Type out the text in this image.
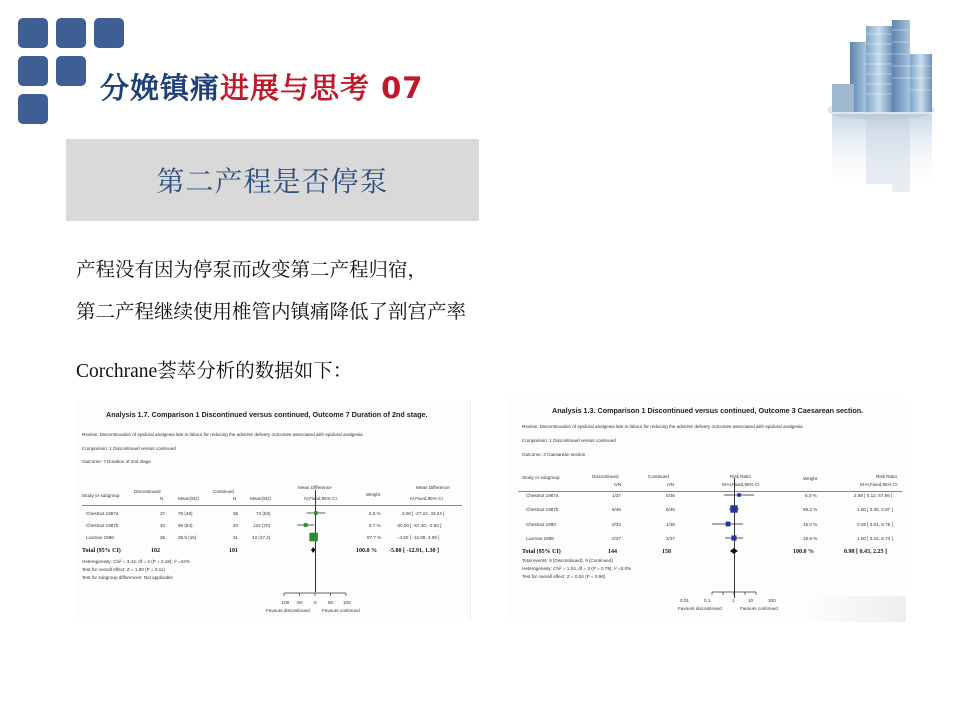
分娩镇痛进展与思考 07
第二产程是否停泵
产程没有因为停泵而改变第二产程归宿，
第二产程继续使用椎管内镇痛降低了剖宫产率
Corchrane荟萃分析的数据如下：
Analysis 1.7. Comparison 1 Discontinued versus continued, Outcome 7 Duration of 2nd stage.
Review: Discontinuation of epidural analgesia late in labour for reducing the adverse delivery outcomes associated with epidural analgesia
Comparison: 1 Discontinued versus continued
Outcome: 7 Duration of 2nd stage
Discontinued	Continued
Mean Difference	Mean Difference
Study or subgroup
N	Mean(SD)	N	Mean(SD)	IV,Fixed,95% CI
Weight
IV,Fixed,95% CI
Chestnut 1987a	37	76 (48)	36	73 (63)	5.5 %	3.00 [ -27.24, 33.24 ]
Chestnut 1987b	40	99 (54)	40	124 (70)	6.7 %	-30.00 [ -57.40, -2.60 ]
Luxman 1996	35	38.5 (15)	31	43 (17.2)	87.7 %	-4.50 [ -12.09, 3.09 ]
Total (95% CI)	102	101	100.0 % -5.80 [ -12.91, 1.30 ]
Heterogeneity: Chi² = 3.44, df = 2 (P = 0.18); I² =42%
Test for overall effect: Z = 1.60 (P = 0.11)
Test for subgroup differences: Not applicable
-100 -50 0 50 100
Favours discontinued	Favours continued
Analysis 1.3. Comparison 1 Discontinued versus continued, Outcome 3 Caesarean section.
Review: Discontinuation of epidural analgesia late in labour for reducing the adverse delivery outcomes associated with epidural analgesia
Comparison: 1 Discontinued versus continued
Outcome: 3 Caesarean section
Study or subgroup	Discontinued
n/N
Continued
n/N
Risk Ratio
M-H,Fixed,95% CI
Weight	Risk Ratio
M-H,Fixed,95% CI
Chestnut 1987a	1/37	0/36	5.0 %	2.89 [ 0.12, 67.96 ]
Chestnut 1987b	6/46	6/46	59.3 %	1.00 [ 0.35, 2.87 ]
Chestnut 1990	0/34	1/35	16.0 %	0.29 [ 0.01, 6.76 ]
Luxman 1996	2/37	2/37	19.8 %	1.00 [ 0.15, 6.73 ]
Total (95% CI)	144	158	100.0 %	0.98 [ 0.43, 2.25 ]
Total events: 9 (Discontinued), 9 (Continued)
Heterogeneity: Chi² = 1.04, df = 3 (P = 0.79); I² =0.0%
Test for overall effect: Z = 0.04 (P = 0.96)
0.01	0.1	1	10	100
Favours discontinued	Favours continued
